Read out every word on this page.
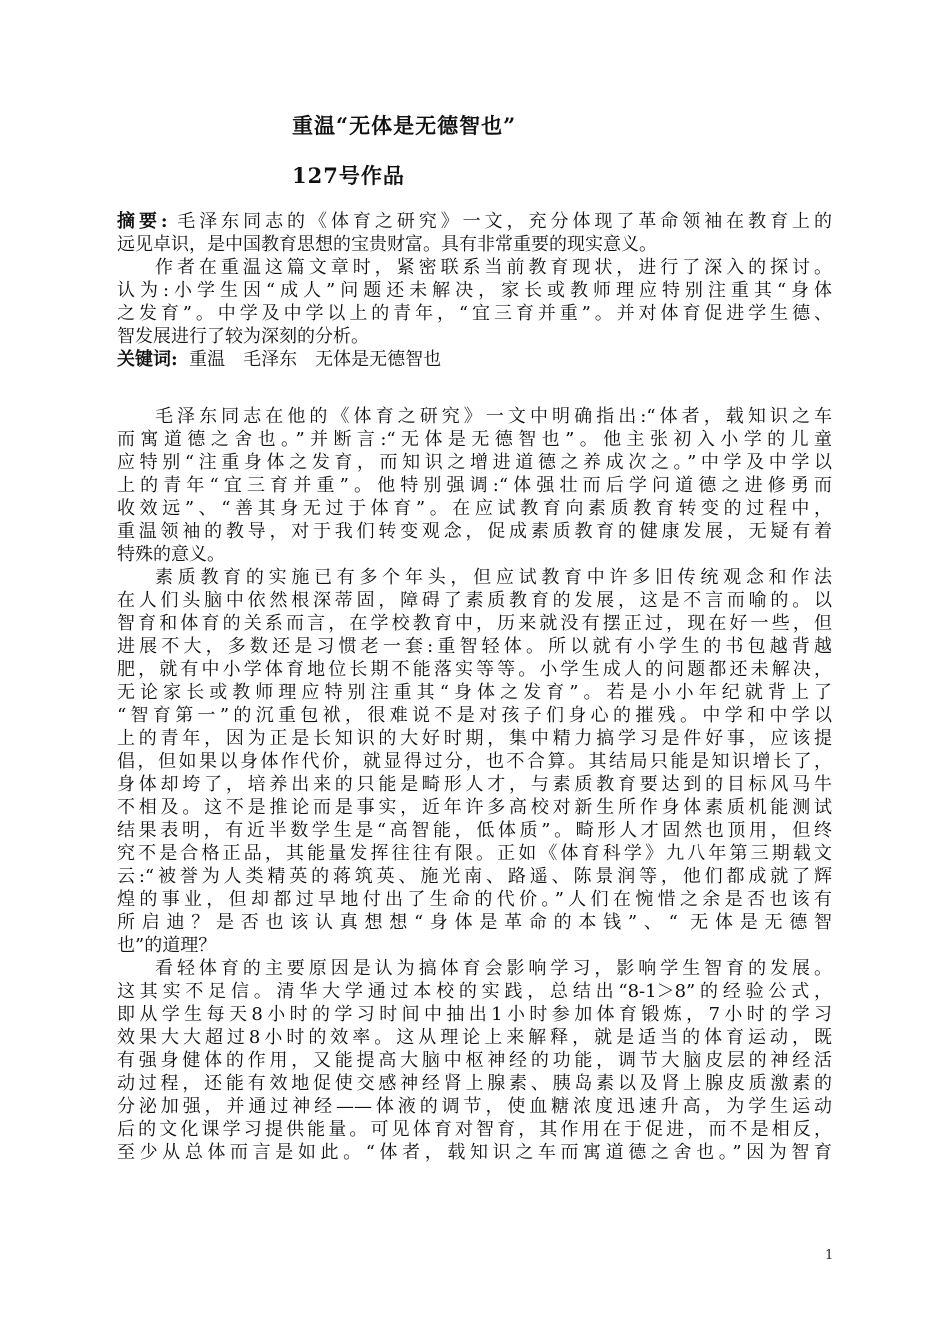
重温“无体是无德智也”
127号作品
摘要: 毛泽东同志的《体育之研究》一文，充分体现了革命领袖在教育上的
远见卓识，是中国教育思想的宝贵财富。具有非常重要的现实意义。
作者在重温这篇文章时，紧密联系当前教育现状，进行了深入的探讨。
认为:小学生因“成人”问题还未解决，家长或教师理应特别注重其“身体
之发育”。中学及中学以上的青年，“宜三育并重”。并对体育促进学生德、
智发展进行了较为深刻的分析。
关键词: 重温 毛泽东 无体是无德智也
毛泽东同志在他的《体育之研究》一文中明确指出:“体者，载知识之车
而寓道德之舍也。”并断言:“无体是无德智也”。他主张初入小学的儿童
应特别“注重身体之发育，而知识之增进道德之养成次之。”中学及中学以
上的青年“宜三育并重”。他特别强调:“体强壮而后学问道德之进修勇而
收效远”、“善其身无过于体育”。在应试教育向素质教育转变的过程中，
重温领袖的教导，对于我们转变观念，促成素质教育的健康发展，无疑有着
特殊的意义。
素质教育的实施已有多个年头，但应试教育中许多旧传统观念和作法
在人们头脑中依然根深蒂固，障碍了素质教育的发展，这是不言而喻的。以
智育和体育的关系而言，在学校教育中，历来就没有摆正过，现在好一些，但
进展不大，多数还是习惯老一套:重智轻体。所以就有小学生的书包越背越
肥，就有中小学体育地位长期不能落实等等。小学生成人的问题都还未解决，
无论家长或教师理应特别注重其“身体之发育”。若是小小年纪就背上了
“智育第一”的沉重包袱，很难说不是对孩子们身心的摧残。中学和中学以
上的青年，因为正是长知识的大好时期，集中精力搞学习是件好事，应该提
倡，但如果以身体作代价，就显得过分，也不合算。其结局只能是知识增长了，
身体却垮了，培养出来的只能是畸形人才，与素质教育要达到的目标风马牛
不相及。这不是推论而是事实，近年许多高校对新生所作身体素质机能测试
结果表明，有近半数学生是“高智能，低体质”。畸形人才固然也顶用，但终
究不是合格正品，其能量发挥往往有限。正如《体育科学》九八年第三期载文
云:“被誉为人类精英的蒋筑英、施光南、路遥、陈景润等，他们都成就了辉
煌的事业，但却都过早地付出了生命的代价。”人们在惋惜之余是否也该有
所启迪？是否也该认真想想“身体是革命的本钱”、“ 无体是无德智
也”的道理？
看轻体育的主要原因是认为搞体育会影响学习，影响学生智育的发展。
这其实不足信。清华大学通过本校的实践，总结出“8-1＞8”的经验公式，
即从学生每天8小时的学习时间中抽出1小时参加体育锻炼，7小时的学习
效果大大超过8小时的效率。这从理论上来解释，就是适当的体育运动，既
有强身健体的作用，又能提高大脑中枢神经的功能，调节大脑皮层的神经活
动过程，还能有效地促使交感神经肾上腺素、胰岛素以及肾上腺皮质激素的
分泌加强，并通过神经——体液的调节，使血糖浓度迅速升高，为学生运动
后的文化课学习提供能量。可见体育对智育，其作用在于促进，而不是相反，
至少从总体而言是如此。“体者，载知识之车而寓道德之舍也。”因为智育
1
